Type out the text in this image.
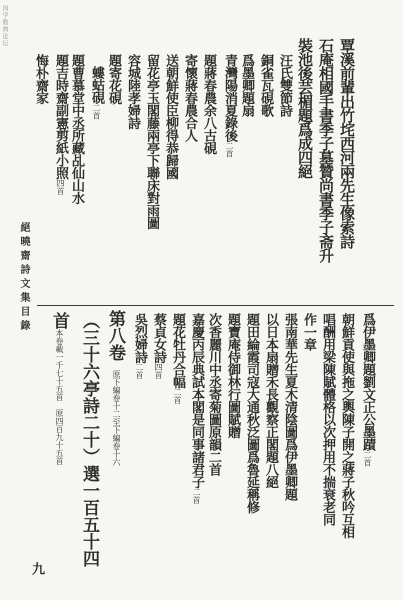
国学数典论坛
覃溪前輩出竹垞西河兩先生像索詩
石庵相國手書季子墓贊尚書季子斋升
裝池後芸楣題爲成四絕
汪氏雙節詩
銅雀瓦硯歌
爲墨卿題扇
青灣陽消夏錄後二首
題蔣春農余八古硯
寄懷蔣春農合人
送朝鮮使臣柳得恭歸國
留花亭玉閣藤兩亭下聯床對雨圖
容城陸孝婦詩
題寄花硯
螻蛄硯二首
題曹慕堂中丞所藏乩仙山水
題吉時齋副憲剪紙小照四首
悔朴齋家
絕曉齋詩文集目錄
爲伊墨卿題劉文正公墨蹟二首
朝鮮貢使與拖之輿陳子開之蔣子秋吟互相
唱酬用梁陳賦體格以次押用不揣衰老同
作一章
張南華先生夏木清陰圖爲伊墨卿題
以日本扇贈禾長觀察正閣題八絕
題田綸霞司寇大通秋泛圖爲魯延稱修
題寶庵侍御林行圖賦贈
次香麗川中丞寄菊圖原韻二首
嘉慶丙辰典試本閣是同事諸君子二首
題花牡丹合幅二首
蔡貞女詩四首
吳烈婦詩二首
第八卷
原下編卷十二至下編卷十六
（三十六亭詩二十）選一百五十四
首本卷載一千七十五首　原四百九十五首
九
